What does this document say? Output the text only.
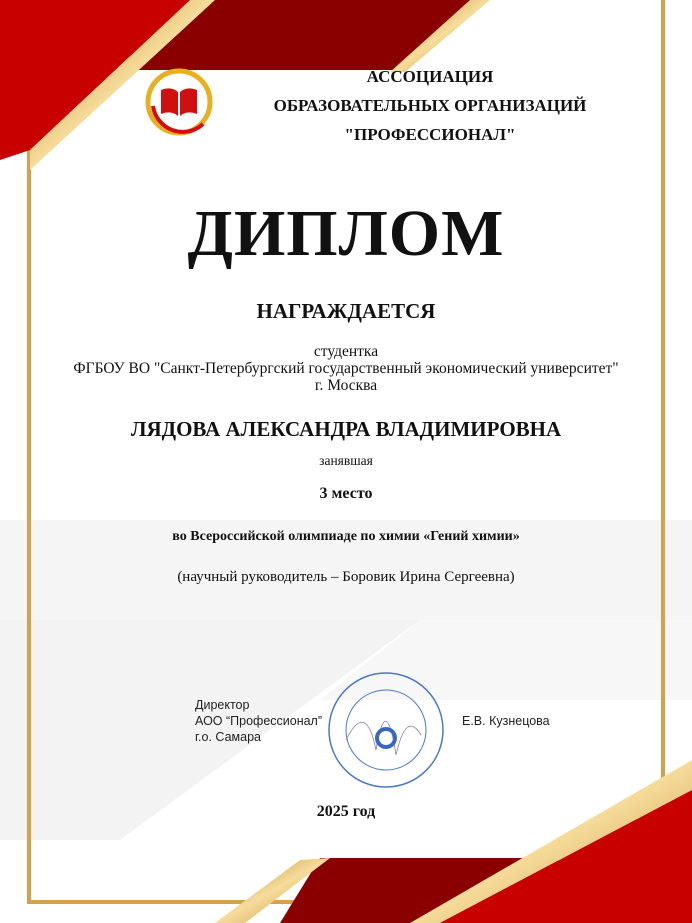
АССОЦИАЦИЯ
ОБРАЗОВАТЕЛЬНЫХ ОРГАНИЗАЦИЙ
"ПРОФЕССИОНАЛ"
ДИПЛОМ
НАГРАЖДАЕТСЯ
студентка
ФГБОУ ВО "Санкт-Петербургский государственный экономический университет"
г. Москва
ЛЯДОВА АЛЕКСАНДРА ВЛАДИМИРОВНА
занявшая
3 место
во Всероссийской олимпиаде по химии «Гений химии»
(научный руководитель – Боровик Ирина Сергеевна)
Директор
АОО “Профессионал”
г.о. Самара
Е.В. Кузнецова
2025 год
